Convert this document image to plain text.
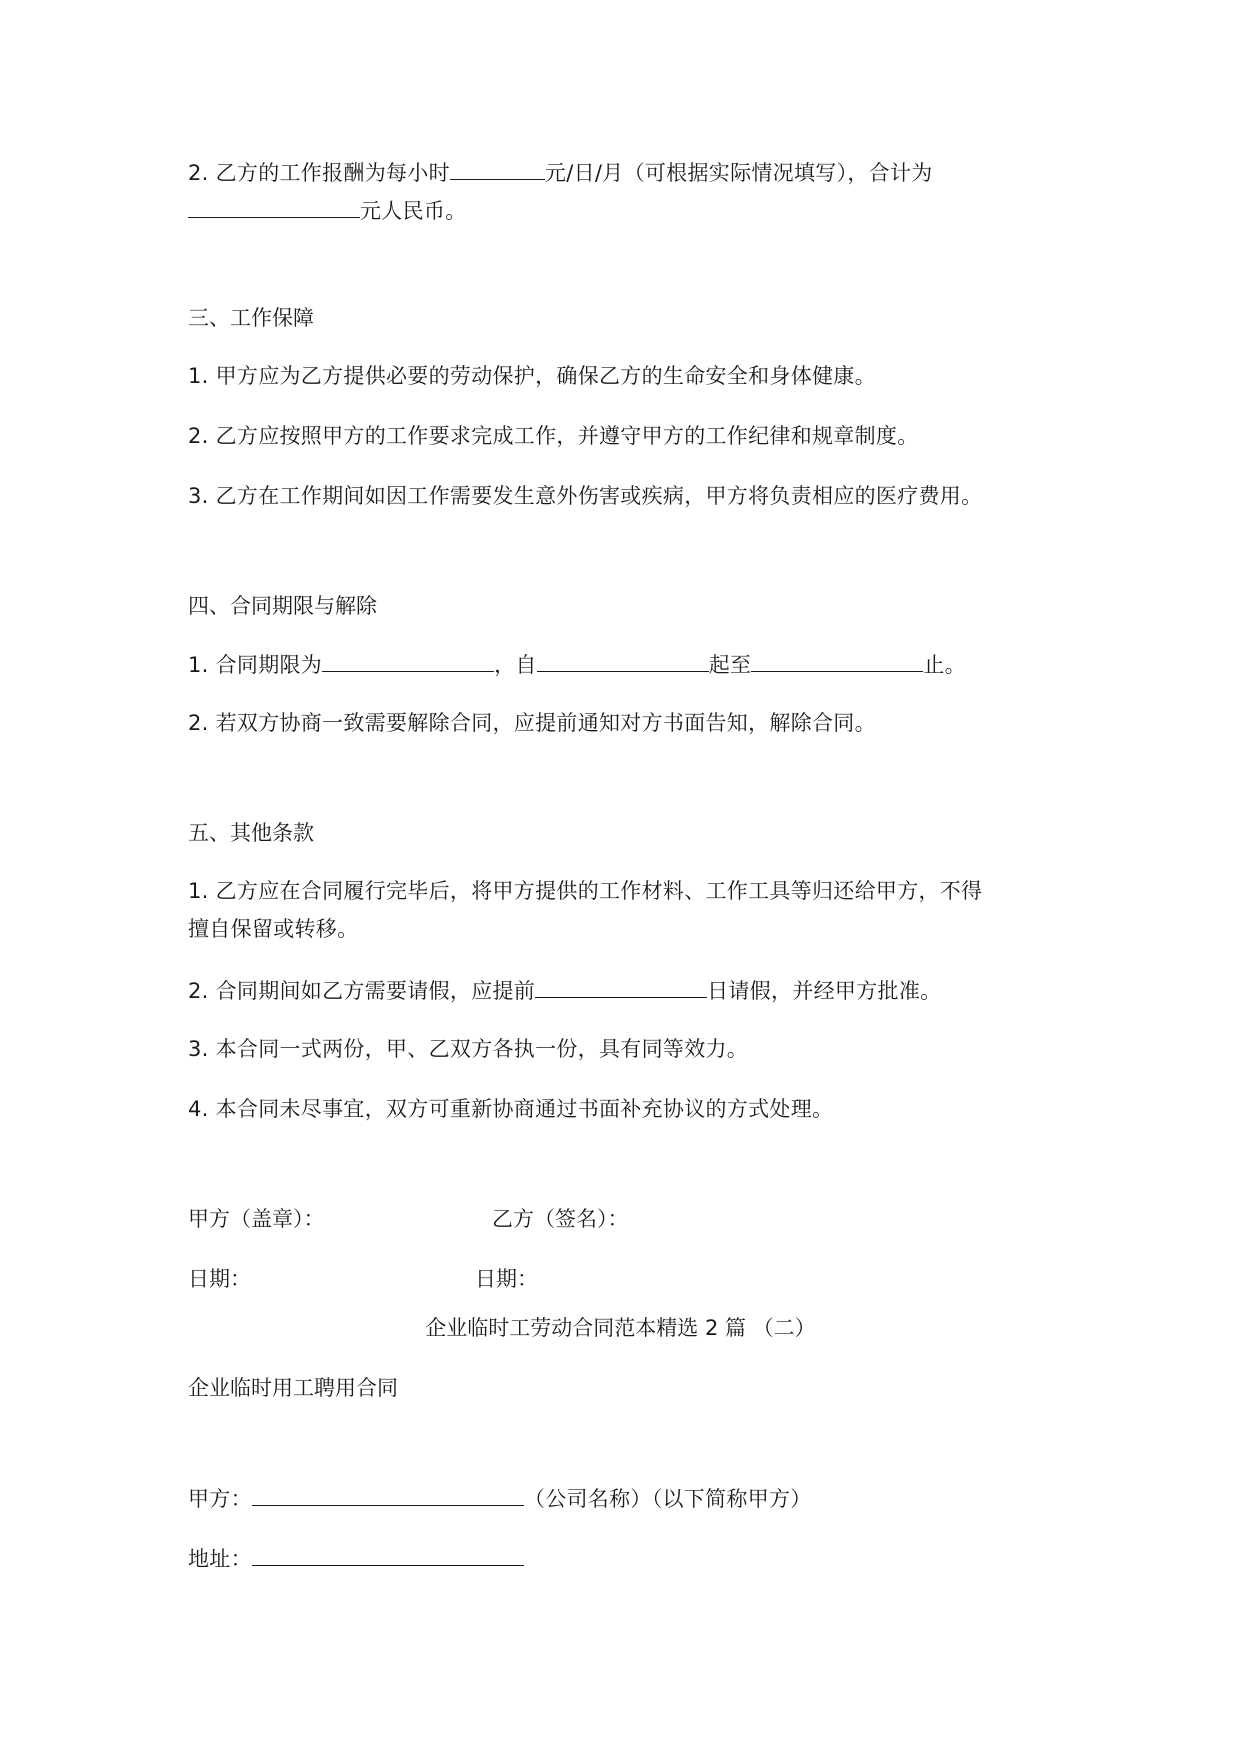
2. 乙方的工作报酬为每小时	元/日/月（可根据实际情况填写），合计为
元人民币。
三、工作保障
1. 甲方应为乙方提供必要的劳动保护，确保乙方的生命安全和身体健康。
2. 乙方应按照甲方的工作要求完成工作，并遵守甲方的工作纪律和规章制度。
3. 乙方在工作期间如因工作需要发生意外伤害或疾病，甲方将负责相应的医疗费用。
四、合同期限与解除
1. 合同期限为	，自	起至	止。
2. 若双方协商一致需要解除合同，应提前通知对方书面告知，解除合同。
五、其他条款
1. 乙方应在合同履行完毕后，将甲方提供的工作材料、工作工具等归还给甲方，不得
擅自保留或转移。
2. 合同期间如乙方需要请假，应提前	日请假，并经甲方批准。
3. 本合同一式两份，甲、乙双方各执一份，具有同等效力。
4. 本合同未尽事宜，双方可重新协商通过书面补充协议的方式处理。
甲方（盖章）：	乙方（签名）：
日期：	日期：
企业临时工劳动合同范本精选 2 篇 （二）
企业临时用工聘用合同
甲方：	（公司名称）（以下简称甲方）
地址：
